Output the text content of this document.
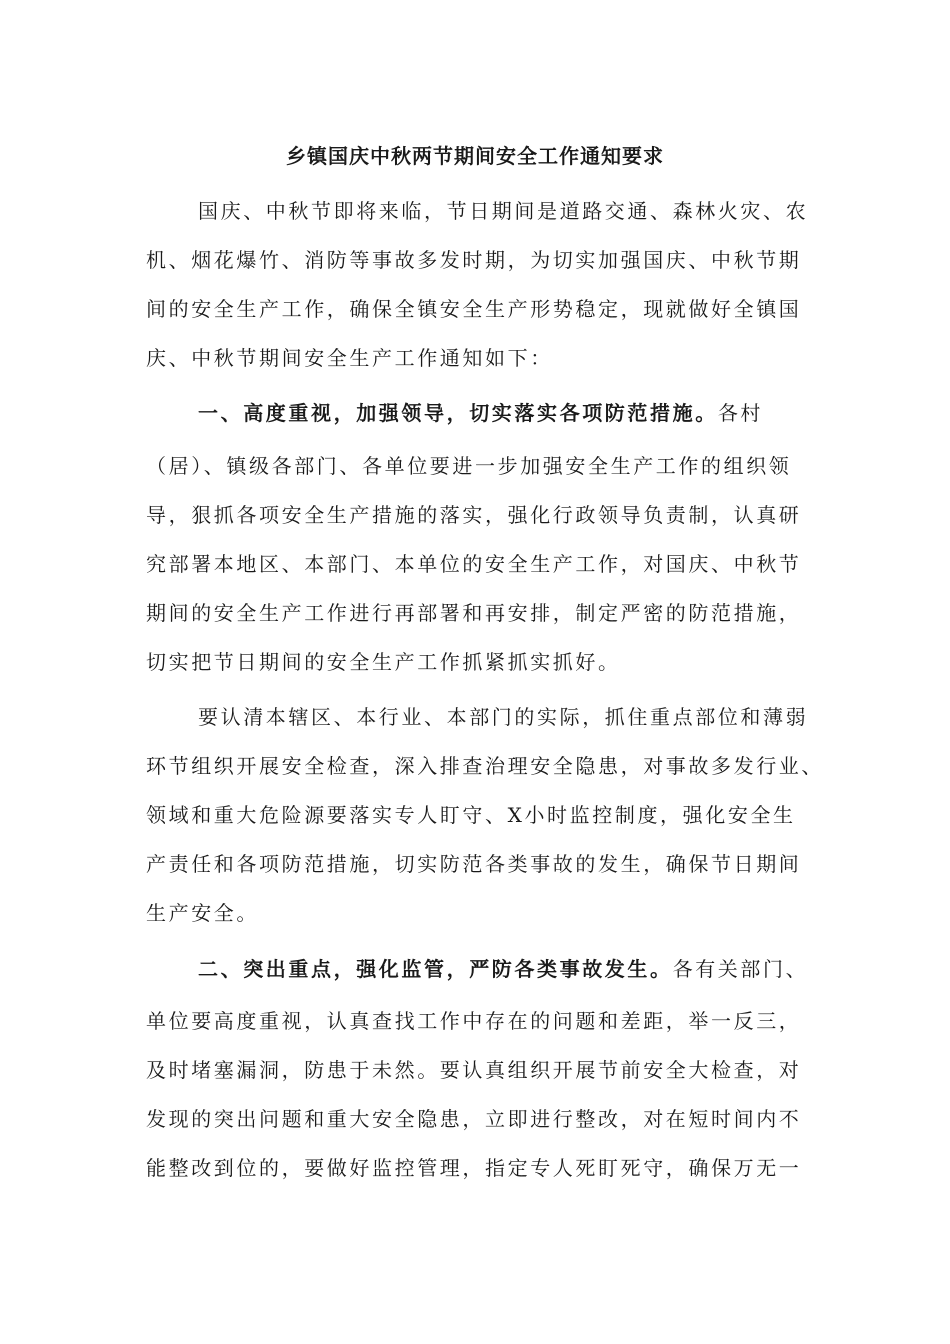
乡镇国庆中秋两节期间安全工作通知要求

国庆、中秋节即将来临，节日期间是道路交通、森林火灾、农

机、烟花爆竹、消防等事故多发时期，为切实加强国庆、中秋节期

间的安全生产工作，确保全镇安全生产形势稳定，现就做好全镇国

庆、中秋节期间安全生产工作通知如下：

一、高度重视，加强领导，切实落实各项防范措施。各村

（居）、镇级各部门、各单位要进一步加强安全生产工作的组织领

导，狠抓各项安全生产措施的落实，强化行政领导负责制，认真研

究部署本地区、本部门、本单位的安全生产工作，对国庆、中秋节

期间的安全生产工作进行再部署和再安排，制定严密的防范措施，

切实把节日期间的安全生产工作抓紧抓实抓好。

要认清本辖区、本行业、本部门的实际，抓住重点部位和薄弱

环节组织开展安全检查，深入排查治理安全隐患，对事故多发行业、

领域和重大危险源要落实专人盯守、X小时监控制度，强化安全生

产责任和各项防范措施，切实防范各类事故的发生，确保节日期间

生产安全。

二、突出重点，强化监管，严防各类事故发生。各有关部门、

单位要高度重视，认真查找工作中存在的问题和差距，举一反三，

及时堵塞漏洞，防患于未然。要认真组织开展节前安全大检查，对

发现的突出问题和重大安全隐患，立即进行整改，对在短时间内不

能整改到位的，要做好监控管理，指定专人死盯死守，确保万无一
